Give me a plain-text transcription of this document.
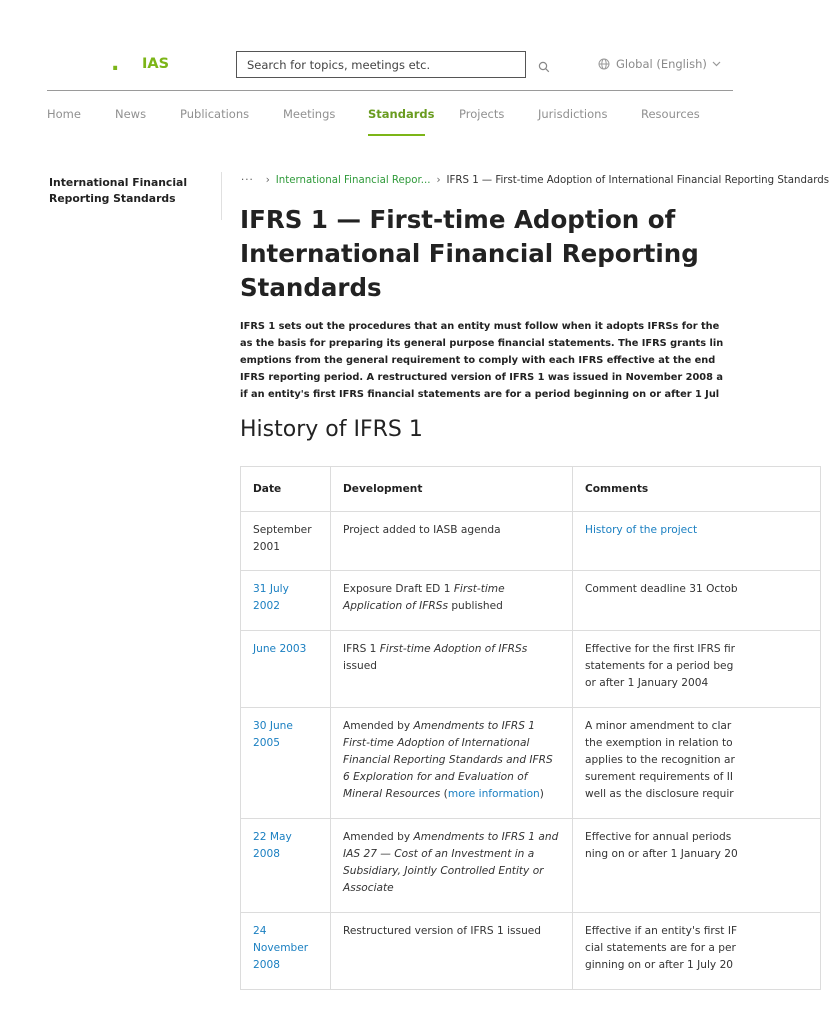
. IAS
Search for topics, meetings etc.	Global (English)
Home	News	Publications	Meetings	Standards Projects	Jurisdictions	Resources
International Financial Reporting Standards
··· › International Financial Repor... › IFRS 1 — First-time Adoption of International Financial Reporting Standards
IFRS 1 — First-time Adoption of International Financial Reporting Standards
IFRS 1 sets out the procedures that an entity must follow when it adopts IFRSs for the
as the basis for preparing its general purpose financial statements. The IFRS grants lin
emptions from the general requirement to comply with each IFRS effective at the end
IFRS reporting period. A restructured version of IFRS 1 was issued in November 2008 a
if an entity's first IFRS financial statements are for a period beginning on or after 1 Jul
History of IFRS 1
Date	Development	Comments
September 2001	Project added to IASB agenda	History of the project
31 July 2002	Exposure Draft ED 1 First-time Application of IFRSs published	Comment deadline 31 Octob
June 2003	IFRS 1 First-time Adoption of IFRSs issued	Effective for the first IFRS fir
statements for a period beg
or after 1 January 2004
30 June 2005	Amended by Amendments to IFRS 1 First-time Adoption of International Financial Reporting Standards and IFRS 6 Exploration for and Evaluation of Mineral Resources (more information)	A minor amendment to clar
the exemption in relation to
applies to the recognition ar
surement requirements of II
well as the disclosure requir
22 May 2008	Amended by Amendments to IFRS 1 and IAS 27 — Cost of an Investment in a Subsidiary, Jointly Controlled Entity or Associate	Effective for annual periods
ning on or after 1 January 20
24 November 2008	Restructured version of IFRS 1 issued	Effective if an entity's first IF
cial statements are for a per
ginning on or after 1 July 20
